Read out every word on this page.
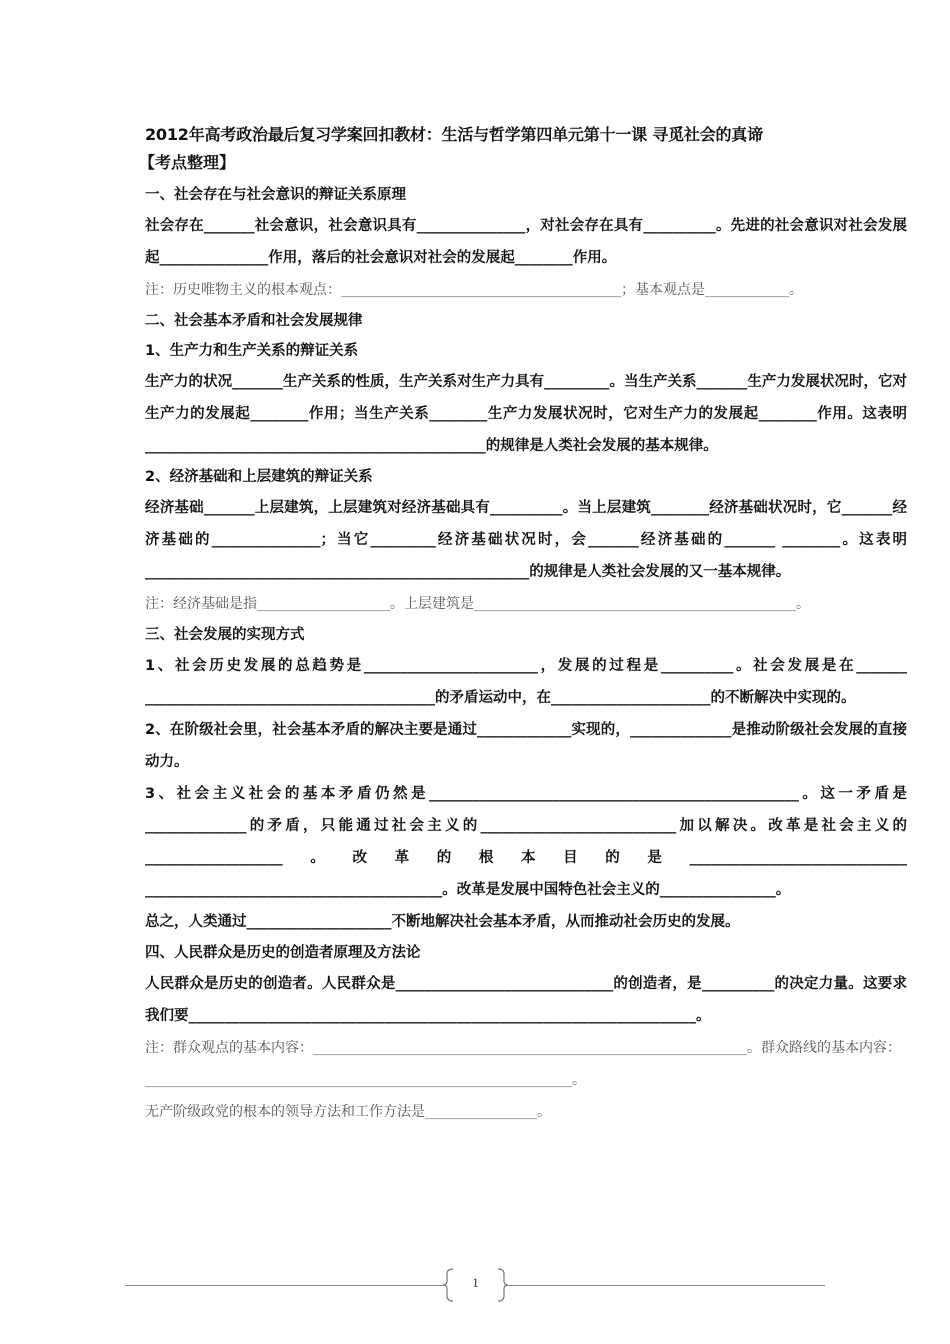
2012年高考政治最后复习学案回扣教材：生活与哲学第四单元第十一课 寻觅社会的真谛

【考点整理】

一、社会存在与社会意识的辩证关系原理

社会存在_______社会意识，社会意识具有_______________，对社会存在具有__________。先进的社会意识对社会发展起_______________作用，落后的社会意识对社会的发展起________作用。

注：历史唯物主义的根本观点：________________________________________；基本观点是____________。

二、社会基本矛盾和社会发展规律

1、生产力和生产关系的辩证关系

生产力的状况_______生产关系的性质，生产关系对生产力具有_________。当生产关系_______生产力发展状况时，它对生产力的发展起________作用；当生产关系________生产力发展状况时，它对生产力的发展起________作用。这表明_______________________________________________的规律是人类社会发展的基本规律。

2、经济基础和上层建筑的辩证关系

经济基础_______上层建筑，上层建筑对经济基础具有__________。当上层建筑________经济基础状况时，它_______经济基础的_______________；当它_________经济基础状况时，会_______经济基础的_______ ________。这表明_____________________________________________________的规律是人类社会发展的又一基本规律。

注：经济基础是指___________________。上层建筑是______________________________________________。

三、社会发展的实现方式

1、社会历史发展的总趋势是________________________，发展的过程是__________。社会发展是在_______ ________________________________________的矛盾运动中，在______________________的不断解决中实现的。

2、在阶级社会里，社会基本矛盾的解决主要是通过_____________实现的，______________是推动阶级社会发展的直接动力。

3、社会主义社会的基本矛盾仍然是___________________________________________________。这一矛盾是______________的矛盾，只能通过社会主义的___________________________加以解决。改革是社会主义的___________________。改革的根本目的是______________________________ _________________________________________。改革是发展中国特色社会主义的________________。

总之，人类通过____________________不断地解决社会基本矛盾，从而推动社会历史的发展。

四、人民群众是历史的创造者原理及方法论

人民群众是历史的创造者。人民群众是______________________________的创造者，是__________的决定力量。这要求我们要______________________________________________________________________。

注：群众观点的基本内容：______________________________________________________________。群众路线的基本内容：_____________________________________________________________。

无产阶级政党的根本的领导方法和工作方法是________________。

1
